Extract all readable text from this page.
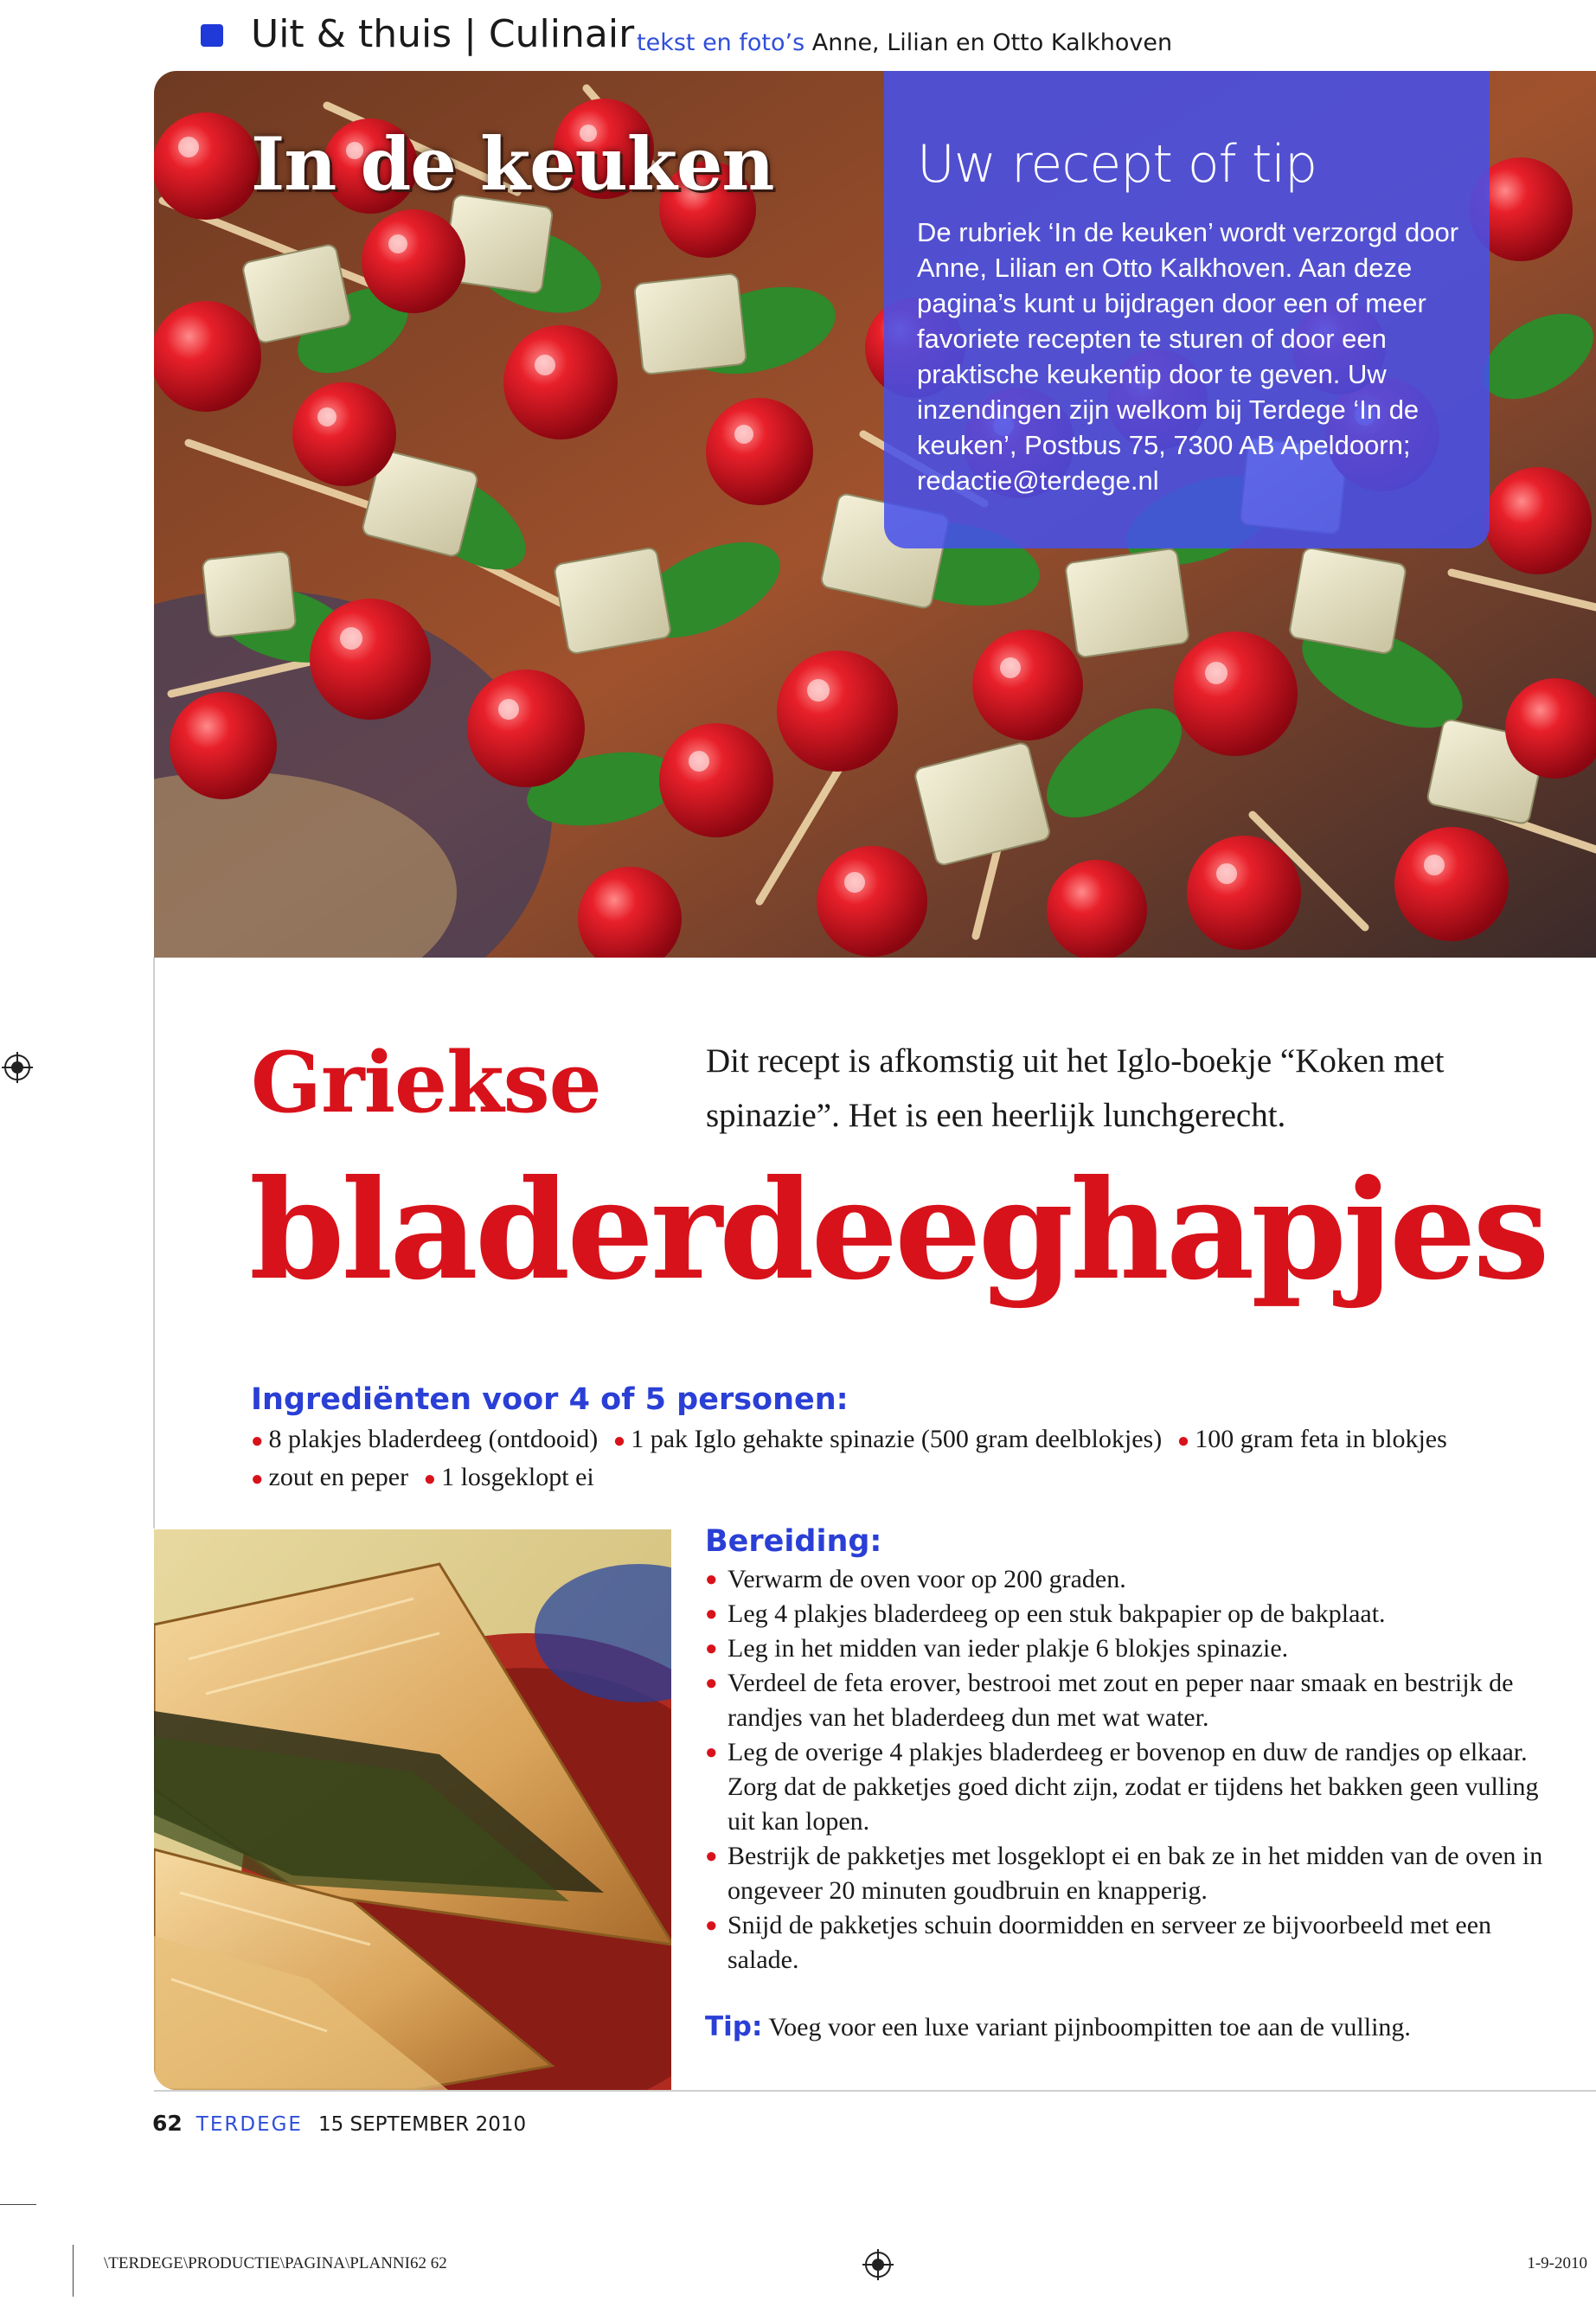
Uit & thuis | Culinair tekst en foto’s Anne, Lilian en Otto Kalkhoven
In de keuken	Uw recept of tip
De rubriek ‘In de keuken’ wordt verzorgd door Anne, Lilian en Otto Kalkhoven. Aan deze pagina’s kunt u bijdragen door een of meer favoriete recepten te sturen of door een praktische keukentip door te geven. Uw inzendingen zijn welkom bij Terdege ‘In de keuken’, Postbus 75, 7300 AB Apeldoorn; redactie@terdege.nl
Griekse	Dit recept is afkomstig uit het Iglo-boekje “Koken met spinazie”. Het is een heerlijk lunchgerecht.
bladerdeeghapjes
Ingrediënten voor 4 of 5 personen:
● 8 plakjes bladerdeeg (ontdooid) ● 1 pak Iglo gehakte spinazie (500 gram deelblokjes) ● 100 gram feta in blokjes ● zout en peper ● 1 losgeklopt ei
Bereiding:
● Verwarm de oven voor op 200 graden.
● Leg 4 plakjes bladerdeeg op een stuk bakpapier op de bakplaat.
● Leg in het midden van ieder plakje 6 blokjes spinazie.
● Verdeel de feta erover, bestrooi met zout en peper naar smaak en bestrijk de randjes van het bladerdeeg dun met wat water.
● Leg de overige 4 plakjes bladerdeeg er bovenop en duw de randjes op elkaar. Zorg dat de pakketjes goed dicht zijn, zodat er tijdens het bakken geen vulling uit kan lopen.
● Bestrijk de pakketjes met losgeklopt ei en bak ze in het midden van de oven in ongeveer 20 minuten goudbruin en knapperig.
● Snijd de pakketjes schuin doormidden en serveer ze bijvoorbeeld met een salade.
Tip: Voeg voor een luxe variant pijnboompitten toe aan de vulling.
62 TERDEGE 15 SEPTEMBER 2010
\TERDEGE\PRODUCTIE\PAGINA\PLANNI62 62	1-9-2010
